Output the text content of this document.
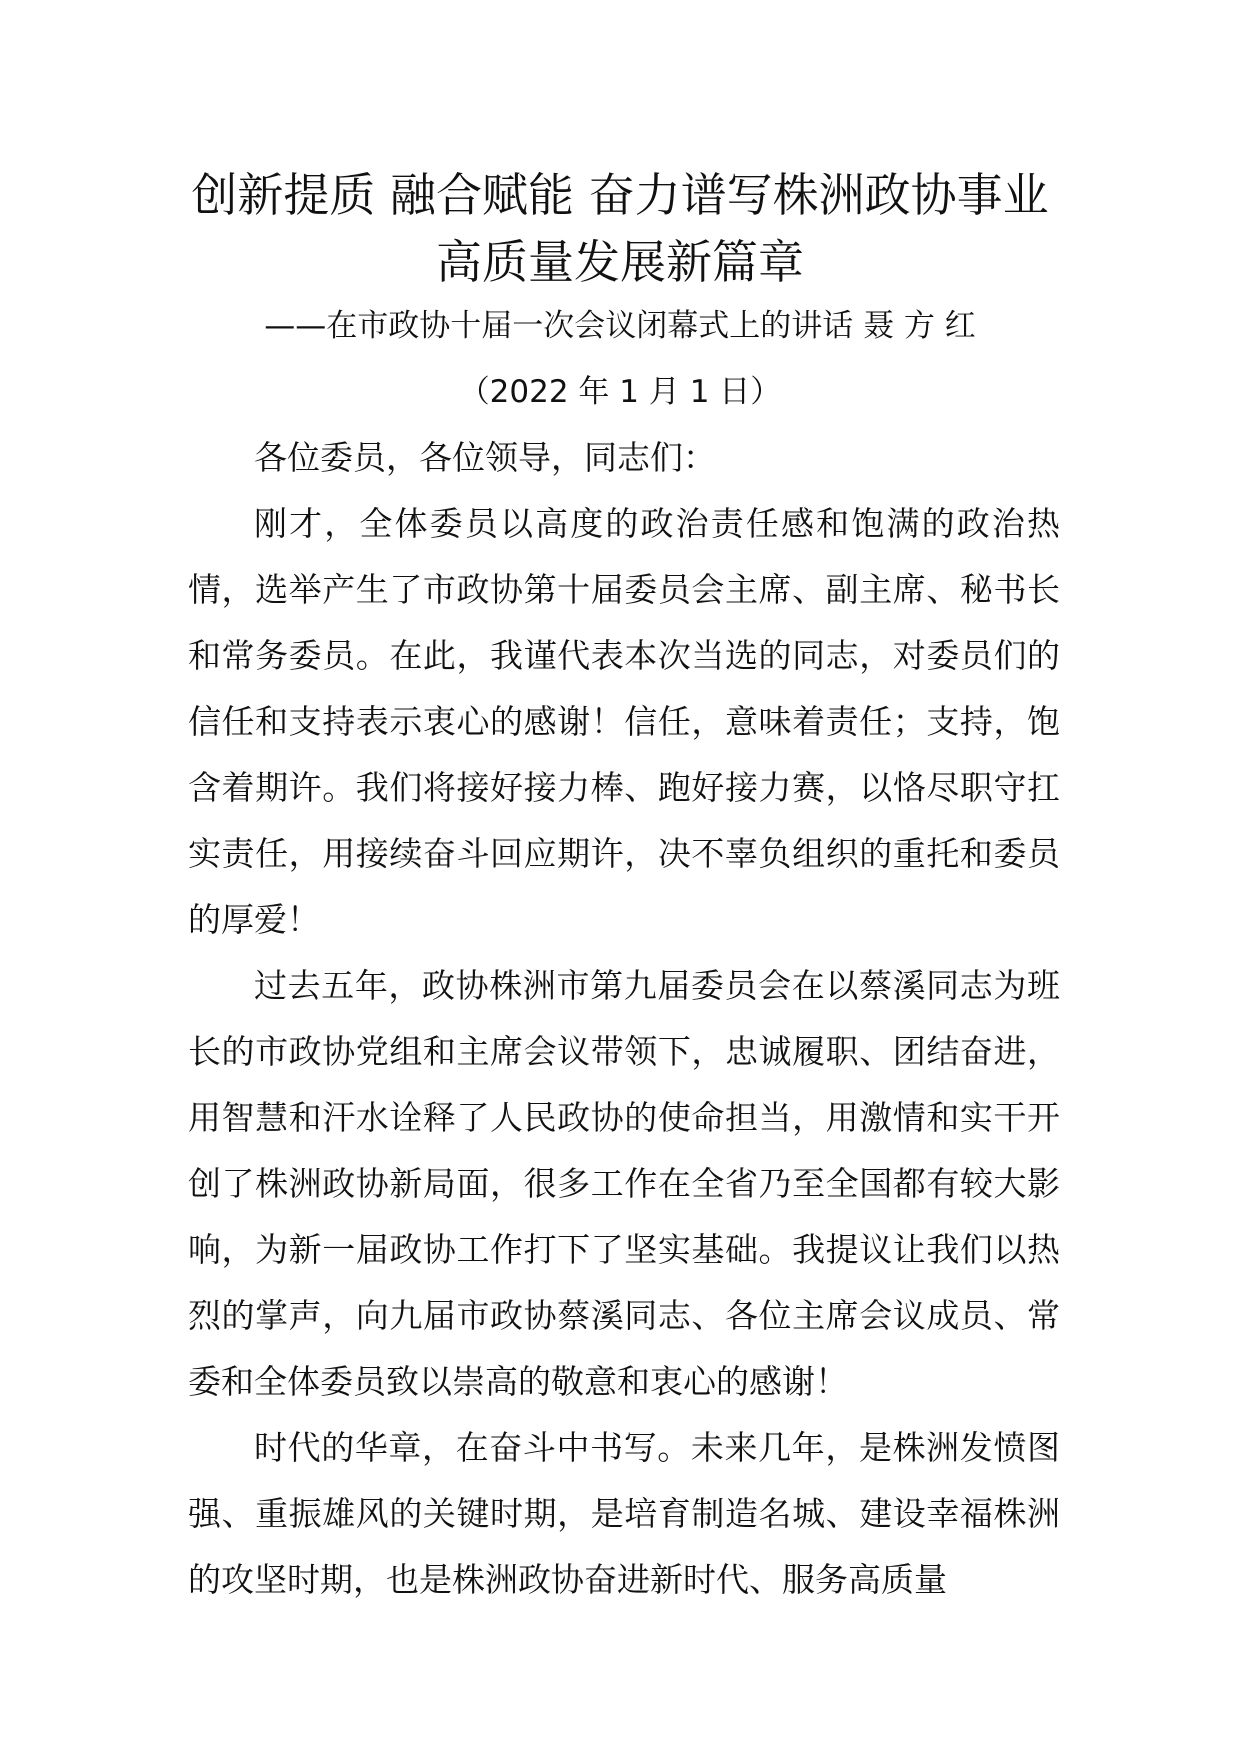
创新提质 融合赋能 奋力谱写株洲政协事业
高质量发展新篇章
——在市政协十届一次会议闭幕式上的讲话 聂 方 红
（2022 年 1 月 1 日）

各位委员，各位领导，同志们：

刚才，全体委员以高度的政治责任感和饱满的政治热情，选举产生了市政协第十届委员会主席、副主席、秘书长和常务委员。在此，我谨代表本次当选的同志，对委员们的信任和支持表示衷心的感谢！信任，意味着责任；支持，饱含着期许。我们将接好接力棒、跑好接力赛，以恪尽职守扛实责任，用接续奋斗回应期许，决不辜负组织的重托和委员的厚爱！

过去五年，政协株洲市第九届委员会在以蔡溪同志为班长的市政协党组和主席会议带领下，忠诚履职、团结奋进，用智慧和汗水诠释了人民政协的使命担当，用激情和实干开创了株洲政协新局面，很多工作在全省乃至全国都有较大影响，为新一届政协工作打下了坚实基础。我提议让我们以热烈的掌声，向九届市政协蔡溪同志、各位主席会议成员、常委和全体委员致以崇高的敬意和衷心的感谢！

时代的华章，在奋斗中书写。未来几年，是株洲发愤图强、重振雄风的关键时期，是培育制造名城、建设幸福株洲的攻坚时期，也是株洲政协奋进新时代、服务高质量
